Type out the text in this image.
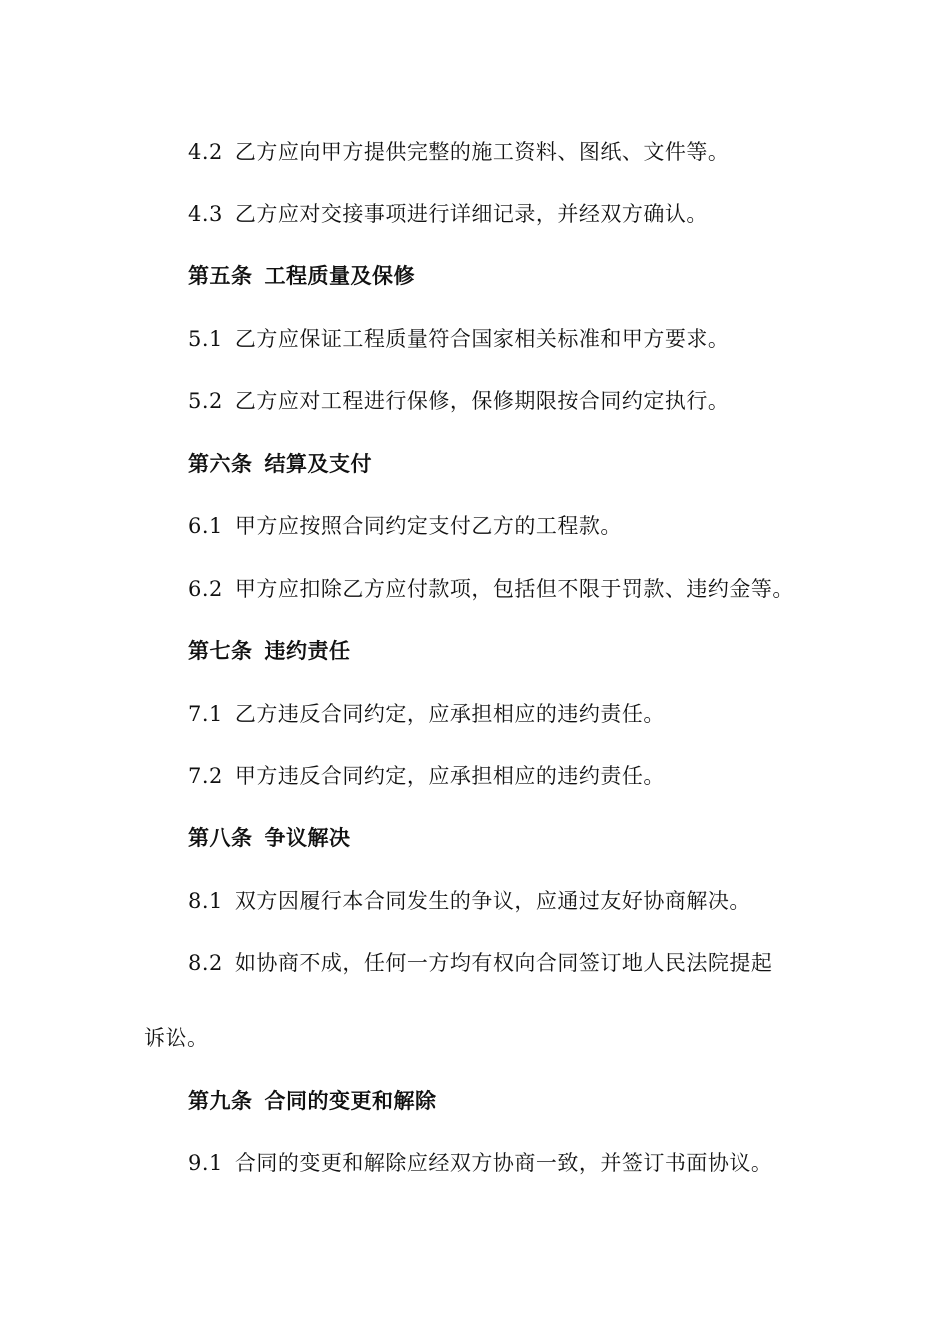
4.2 乙方应向甲方提供完整的施工资料、图纸、文件等。
4.3 乙方应对交接事项进行详细记录，并经双方确认。
第五条 工程质量及保修
5.1 乙方应保证工程质量符合国家相关标准和甲方要求。
5.2 乙方应对工程进行保修，保修期限按合同约定执行。
第六条 结算及支付
6.1 甲方应按照合同约定支付乙方的工程款。
6.2 甲方应扣除乙方应付款项，包括但不限于罚款、违约金等。
第七条 违约责任
7.1 乙方违反合同约定，应承担相应的违约责任。
7.2 甲方违反合同约定，应承担相应的违约责任。
第八条 争议解决
8.1 双方因履行本合同发生的争议，应通过友好协商解决。
8.2 如协商不成，任何一方均有权向合同签订地人民法院提起
诉讼。
第九条 合同的变更和解除
9.1 合同的变更和解除应经双方协商一致，并签订书面协议。
